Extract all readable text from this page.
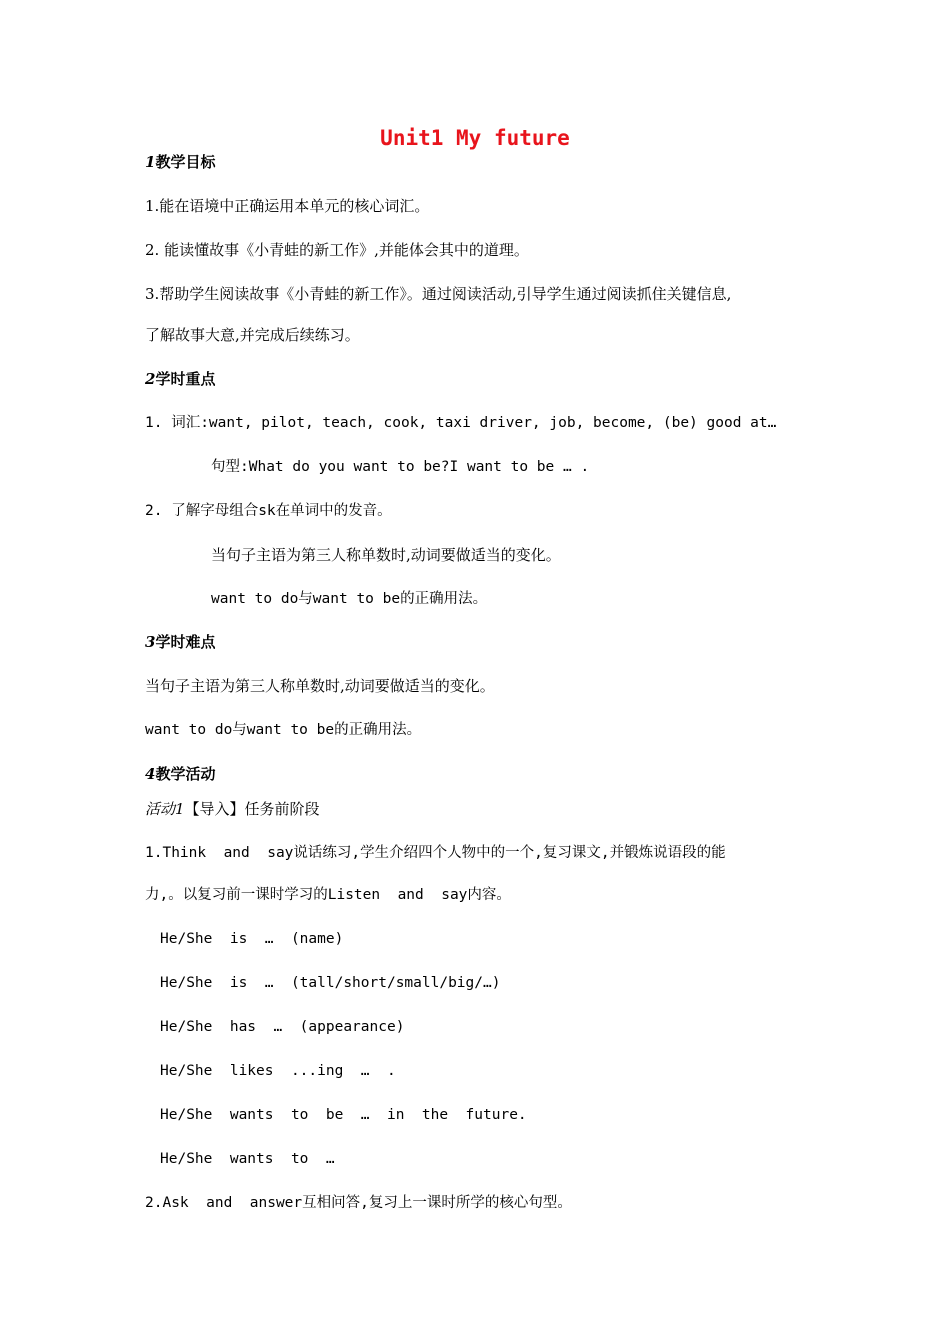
Unit1 My future
1教学目标
1.能在语境中正确运用本单元的核心词汇。
2. 能读懂故事《小青蛙的新工作》,并能体会其中的道理。
3.帮助学生阅读故事《小青蛙的新工作》。通过阅读活动,引导学生通过阅读抓住关键信息,
了解故事大意,并完成后续练习。
2学时重点
1. 词汇:want, pilot, teach, cook, taxi driver, job, become, (be) good at…
句型:What do you want to be?I want to be … .
2. 了解字母组合sk在单词中的发音。
当句子主语为第三人称单数时,动词要做适当的变化。
want to do与want to be的正确用法。
3学时难点
当句子主语为第三人称单数时,动词要做适当的变化。
want to do与want to be的正确用法。
4教学活动
活动1【导入】任务前阶段
1.Think  and  say说话练习,学生介绍四个人物中的一个,复习课文,并锻炼说语段的能
力,。以复习前一课时学习的Listen  and  say内容。
He/She  is  …  (name)
He/She  is  …  (tall/short/small/big/…)
He/She  has  …  (appearance)
He/She  likes  ...ing  …  .
He/She  wants  to  be  …  in  the  future.
He/She  wants  to  …
2.Ask  and  answer互相问答,复习上一课时所学的核心句型。
